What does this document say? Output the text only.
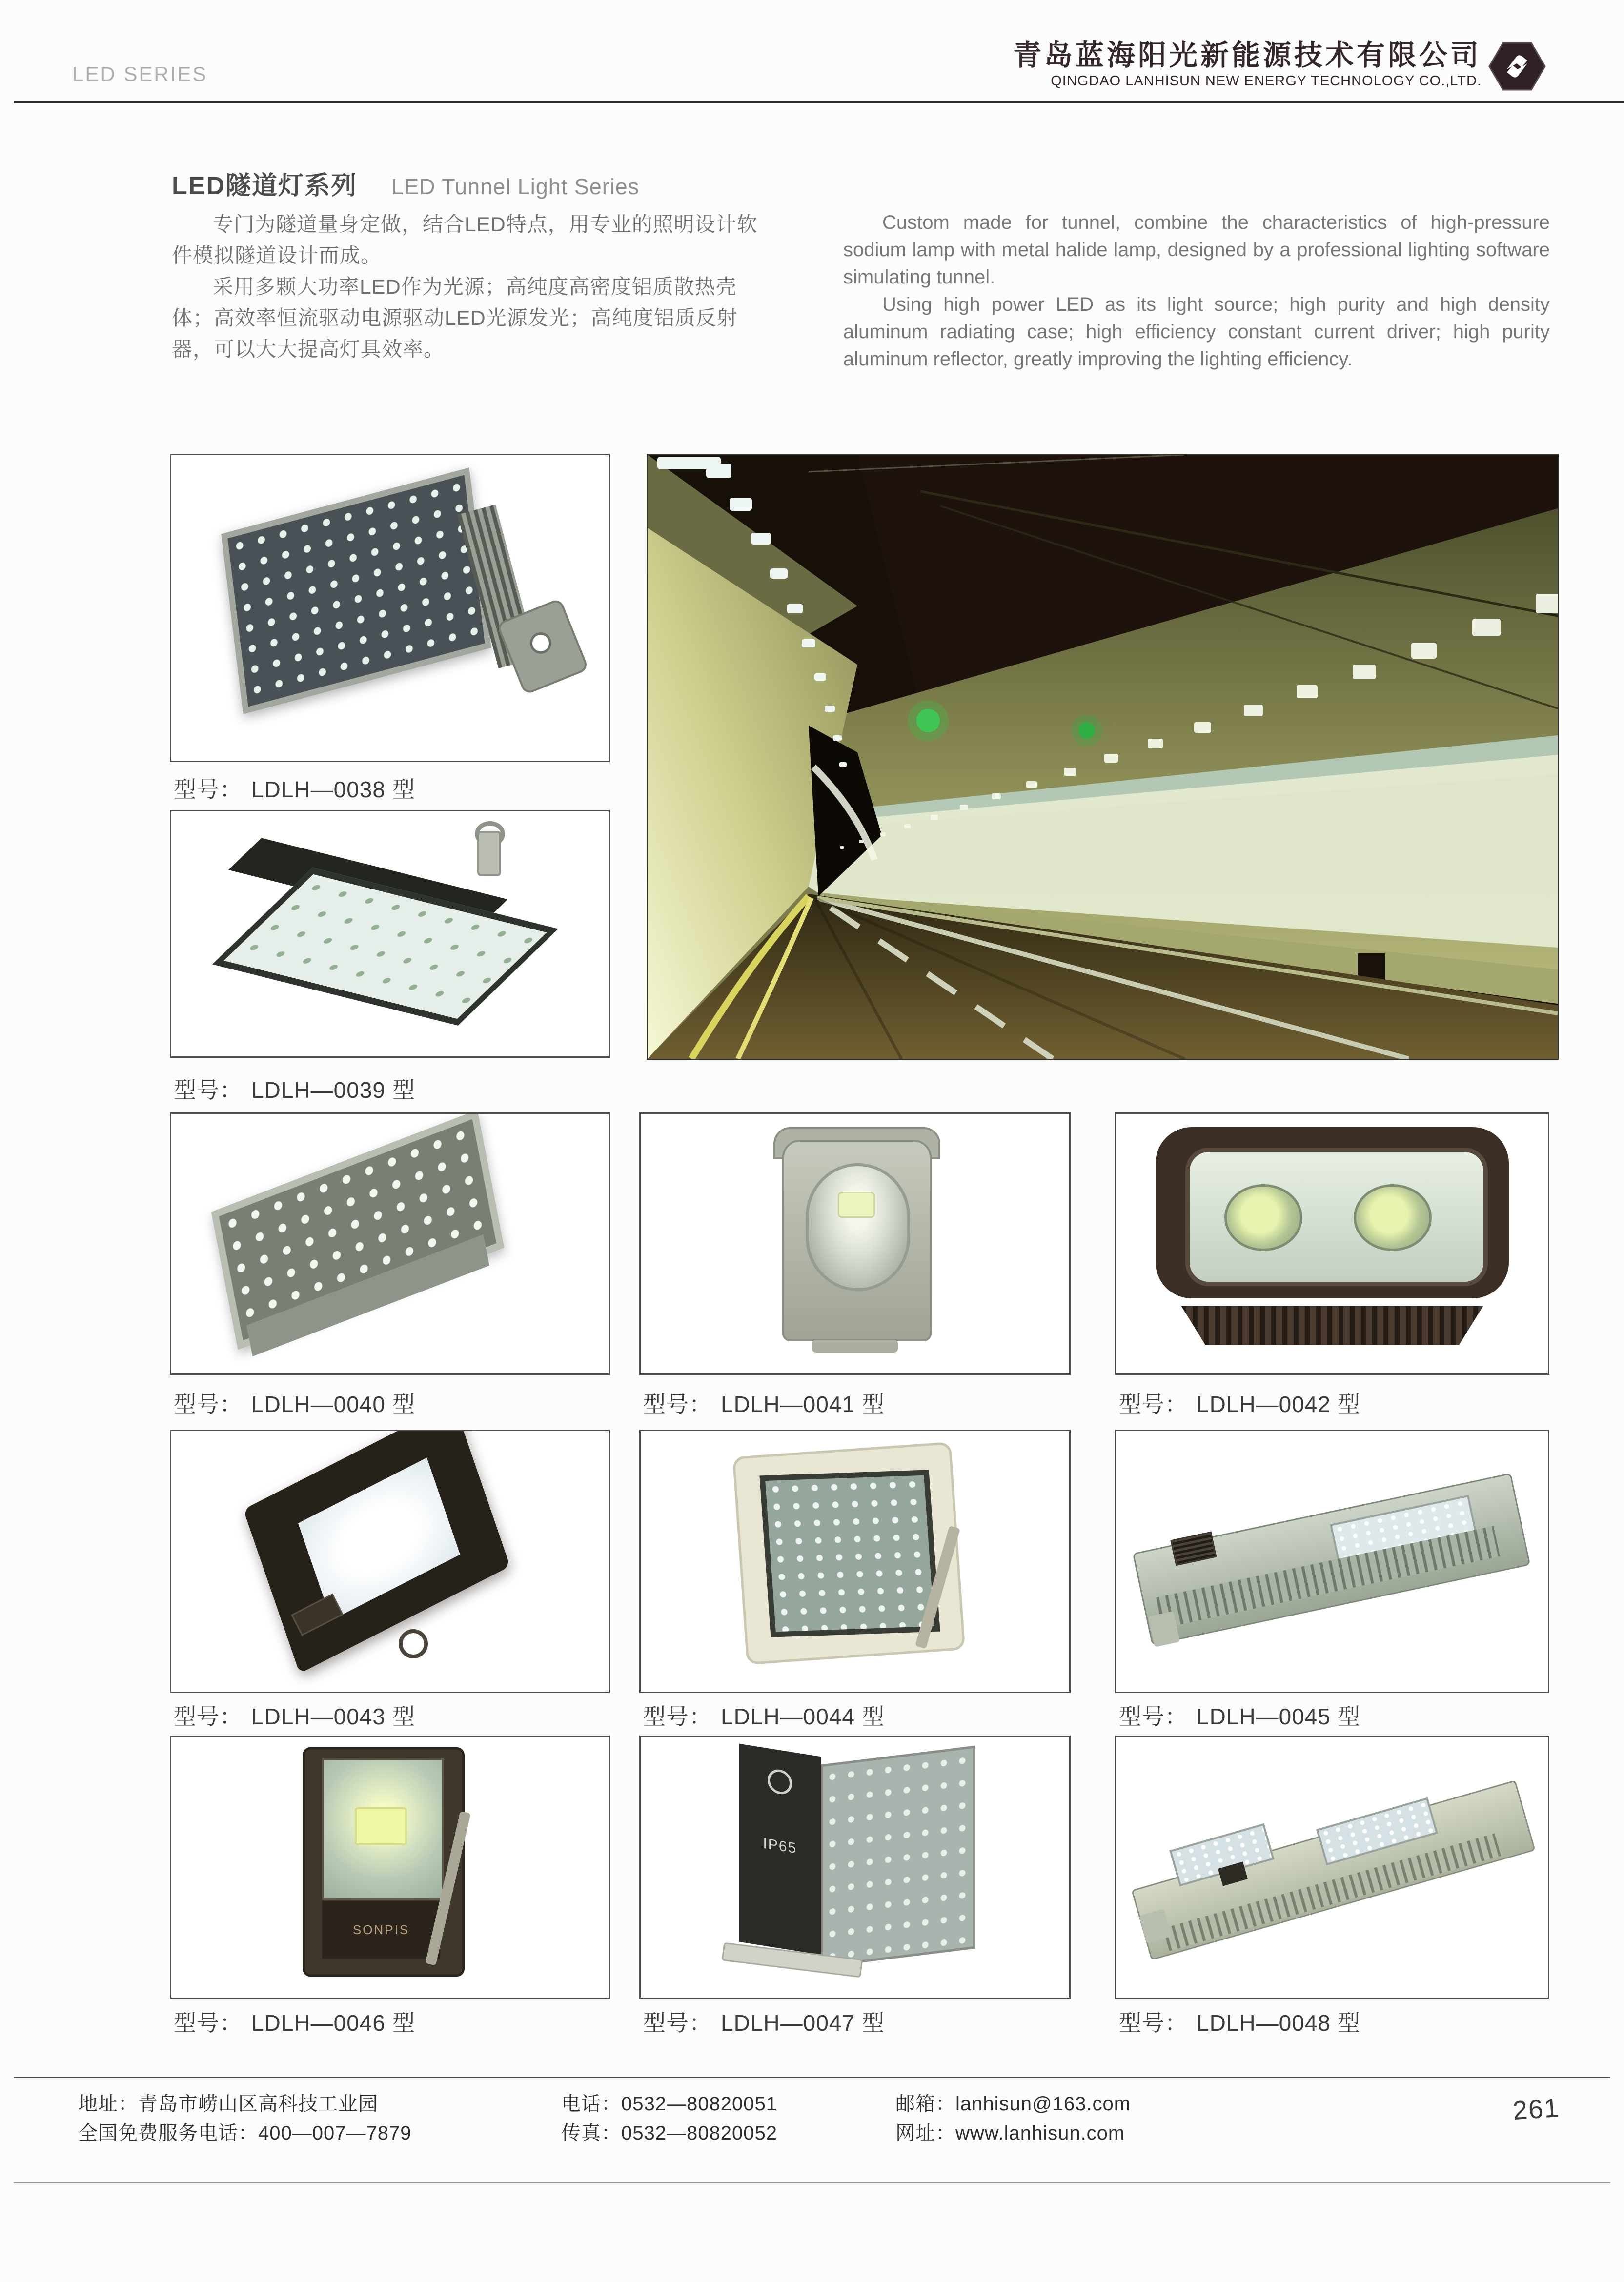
LED SERIES
青岛蓝海阳光新能源技术有限公司
QINGDAO LANHISUN NEW ENERGY TECHNOLOGY CO.,LTD.
LED隧道灯系列 LED Tunnel Light Series

专门为隧道量身定做，结合LED特点，用专业的照明设计软件模拟隧道设计而成。

采用多颗大功率LED作为光源；高纯度高密度铝质散热壳体；高效率恒流驱动电源驱动LED光源发光；高纯度铝质反射器，可以大大提高灯具效率。

Custom made for tunnel, combine the characteristics of high-pressure sodium lamp with metal halide lamp, designed by a professional lighting software simulating tunnel.

Using high power LED as its light source; high purity and high density aluminum radiating case; high efficiency constant current driver; high purity aluminum reflector, greatly improving the lighting efficiency.

型号： LDLH—0038 型
型号： LDLH—0039 型
型号： LDLH—0040 型	型号： LDLH—0041 型	型号： LDLH—0042 型
型号： LDLH—0043 型	型号： LDLH—0044 型	型号： LDLH—0045 型
SONPIS
型号： LDLH—0046 型
IP65
型号： LDLH—0047 型	型号： LDLH—0048 型
地址：青岛市崂山区高科技工业园
全国免费服务电话：400—007—7879
电话：0532—80820051
传真：0532—80820052
邮箱：lanhisun@163.com
网址：www.lanhisun.com
261
